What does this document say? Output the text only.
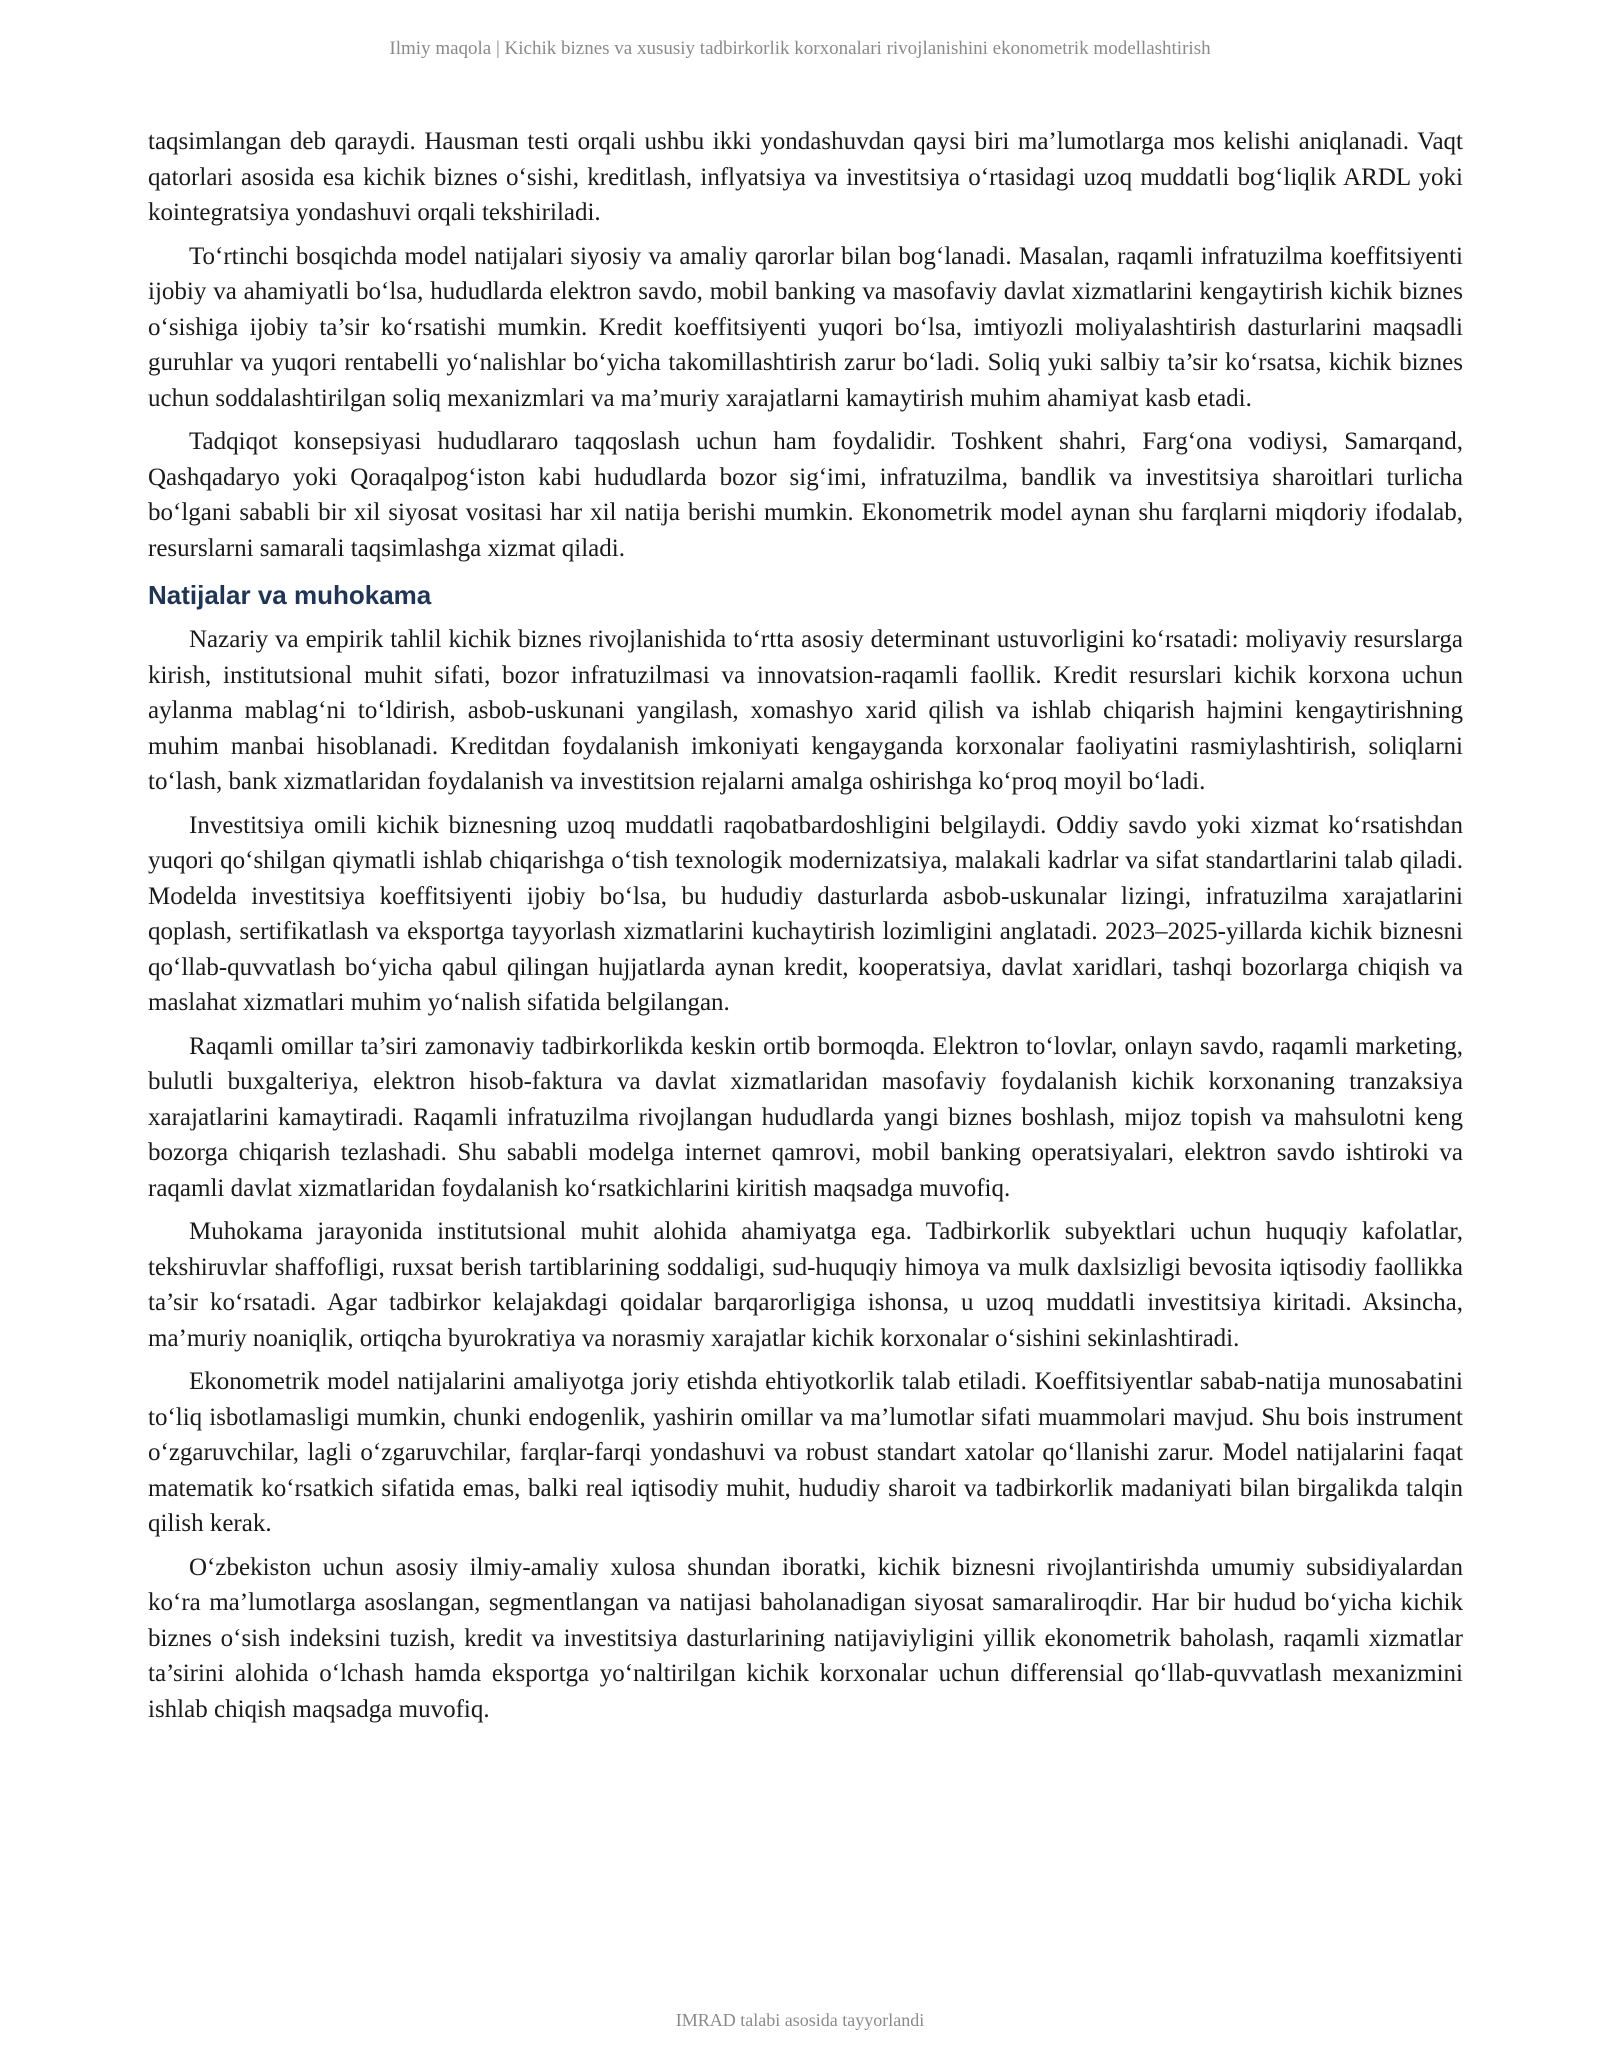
Ilmiy maqola | Kichik biznes va xususiy tadbirkorlik korxonalari rivojlanishini ekonometrik modellashtirish

taqsimlangan deb qaraydi. Hausman testi orqali ushbu ikki yondashuvdan qaysi biri ma’lumotlarga mos kelishi aniqlanadi. Vaqt qatorlari asosida esa kichik biznes o‘sishi, kreditlash, inflyatsiya va investitsiya o‘rtasidagi uzoq muddatli bog‘liqlik ARDL yoki kointegratsiya yondashuvi orqali tekshiriladi.

To‘rtinchi bosqichda model natijalari siyosiy va amaliy qarorlar bilan bog‘lanadi. Masalan, raqamli infratuzilma koeffitsiyenti ijobiy va ahamiyatli bo‘lsa, hududlarda elektron savdo, mobil banking va masofaviy davlat xizmatlarini kengaytirish kichik biznes o‘sishiga ijobiy ta’sir ko‘rsatishi mumkin. Kredit koeffitsiyenti yuqori bo‘lsa, imtiyozli moliyalashtirish dasturlarini maqsadli guruhlar va yuqori rentabelli yo‘nalishlar bo‘yicha takomillashtirish zarur bo‘ladi. Soliq yuki salbiy ta’sir ko‘rsatsa, kichik biznes uchun soddalashtirilgan soliq mexanizmlari va ma’muriy xarajatlarni kamaytirish muhim ahamiyat kasb etadi.

Tadqiqot konsepsiyasi hududlararo taqqoslash uchun ham foydalidir. Toshkent shahri, Farg‘ona vodiysi, Samarqand, Qashqadaryo yoki Qoraqalpog‘iston kabi hududlarda bozor sig‘imi, infratuzilma, bandlik va investitsiya sharoitlari turlicha bo‘lgani sababli bir xil siyosat vositasi har xil natija berishi mumkin. Ekonometrik model aynan shu farqlarni miqdoriy ifodalab, resurslarni samarali taqsimlashga xizmat qiladi.

Natijalar va muhokama

Nazariy va empirik tahlil kichik biznes rivojlanishida to‘rtta asosiy determinant ustuvorligini ko‘rsatadi: moliyaviy resurslarga kirish, institutsional muhit sifati, bozor infratuzilmasi va innovatsion-raqamli faollik. Kredit resurslari kichik korxona uchun aylanma mablag‘ni to‘ldirish, asbob-uskunani yangilash, xomashyo xarid qilish va ishlab chiqarish hajmini kengaytirishning muhim manbai hisoblanadi. Kreditdan foydalanish imkoniyati kengayganda korxonalar faoliyatini rasmiylashtirish, soliqlarni to‘lash, bank xizmatlaridan foydalanish va investitsion rejalarni amalga oshirishga ko‘proq moyil bo‘ladi.

Investitsiya omili kichik biznesning uzoq muddatli raqobatbardoshligini belgilaydi. Oddiy savdo yoki xizmat ko‘rsatishdan yuqori qo‘shilgan qiymatli ishlab chiqarishga o‘tish texnologik modernizatsiya, malakali kadrlar va sifat standartlarini talab qiladi. Modelda investitsiya koeffitsiyenti ijobiy bo‘lsa, bu hududiy dasturlarda asbob-uskunalar lizingi, infratuzilma xarajatlarini qoplash, sertifikatlash va eksportga tayyorlash xizmatlarini kuchaytirish lozimligini anglatadi. 2023–2025-yillarda kichik biznesni qo‘llab-quvvatlash bo‘yicha qabul qilingan hujjatlarda aynan kredit, kooperatsiya, davlat xaridlari, tashqi bozorlarga chiqish va maslahat xizmatlari muhim yo‘nalish sifatida belgilangan.

Raqamli omillar ta’siri zamonaviy tadbirkorlikda keskin ortib bormoqda. Elektron to‘lovlar, onlayn savdo, raqamli marketing, bulutli buxgalteriya, elektron hisob-faktura va davlat xizmatlaridan masofaviy foydalanish kichik korxonaning tranzaksiya xarajatlarini kamaytiradi. Raqamli infratuzilma rivojlangan hududlarda yangi biznes boshlash, mijoz topish va mahsulotni keng bozorga chiqarish tezlashadi. Shu sababli modelga internet qamrovi, mobil banking operatsiyalari, elektron savdo ishtiroki va raqamli davlat xizmatlaridan foydalanish ko‘rsatkichlarini kiritish maqsadga muvofiq.

Muhokama jarayonida institutsional muhit alohida ahamiyatga ega. Tadbirkorlik subyektlari uchun huquqiy kafolatlar, tekshiruvlar shaffofligi, ruxsat berish tartiblarining soddaligi, sud-huquqiy himoya va mulk daxlsizligi bevosita iqtisodiy faollikka ta’sir ko‘rsatadi. Agar tadbirkor kelajakdagi qoidalar barqarorligiga ishonsa, u uzoq muddatli investitsiya kiritadi. Aksincha, ma’muriy noaniqlik, ortiqcha byurokratiya va norasmiy xarajatlar kichik korxonalar o‘sishini sekinlashtiradi.

Ekonometrik model natijalarini amaliyotga joriy etishda ehtiyotkorlik talab etiladi. Koeffitsiyentlar sabab-natija munosabatini to‘liq isbotlamasligi mumkin, chunki endogenlik, yashirin omillar va ma’lumotlar sifati muammolari mavjud. Shu bois instrument o‘zgaruvchilar, lagli o‘zgaruvchilar, farqlar-farqi yondashuvi va robust standart xatolar qo‘llanishi zarur. Model natijalarini faqat matematik ko‘rsatkich sifatida emas, balki real iqtisodiy muhit, hududiy sharoit va tadbirkorlik madaniyati bilan birgalikda talqin qilish kerak.

O‘zbekiston uchun asosiy ilmiy-amaliy xulosa shundan iboratki, kichik biznesni rivojlantirishda umumiy subsidiyalardan ko‘ra ma’lumotlarga asoslangan, segmentlangan va natijasi baholanadigan siyosat samaraliroqdir. Har bir hudud bo‘yicha kichik biznes o‘sish indeksini tuzish, kredit va investitsiya dasturlarining natijaviyligini yillik ekonometrik baholash, raqamli xizmatlar ta’sirini alohida o‘lchash hamda eksportga yo‘naltirilgan kichik korxonalar uchun differensial qo‘llab-quvvatlash mexanizmini ishlab chiqish maqsadga muvofiq.

IMRAD talabi asosida tayyorlandi
